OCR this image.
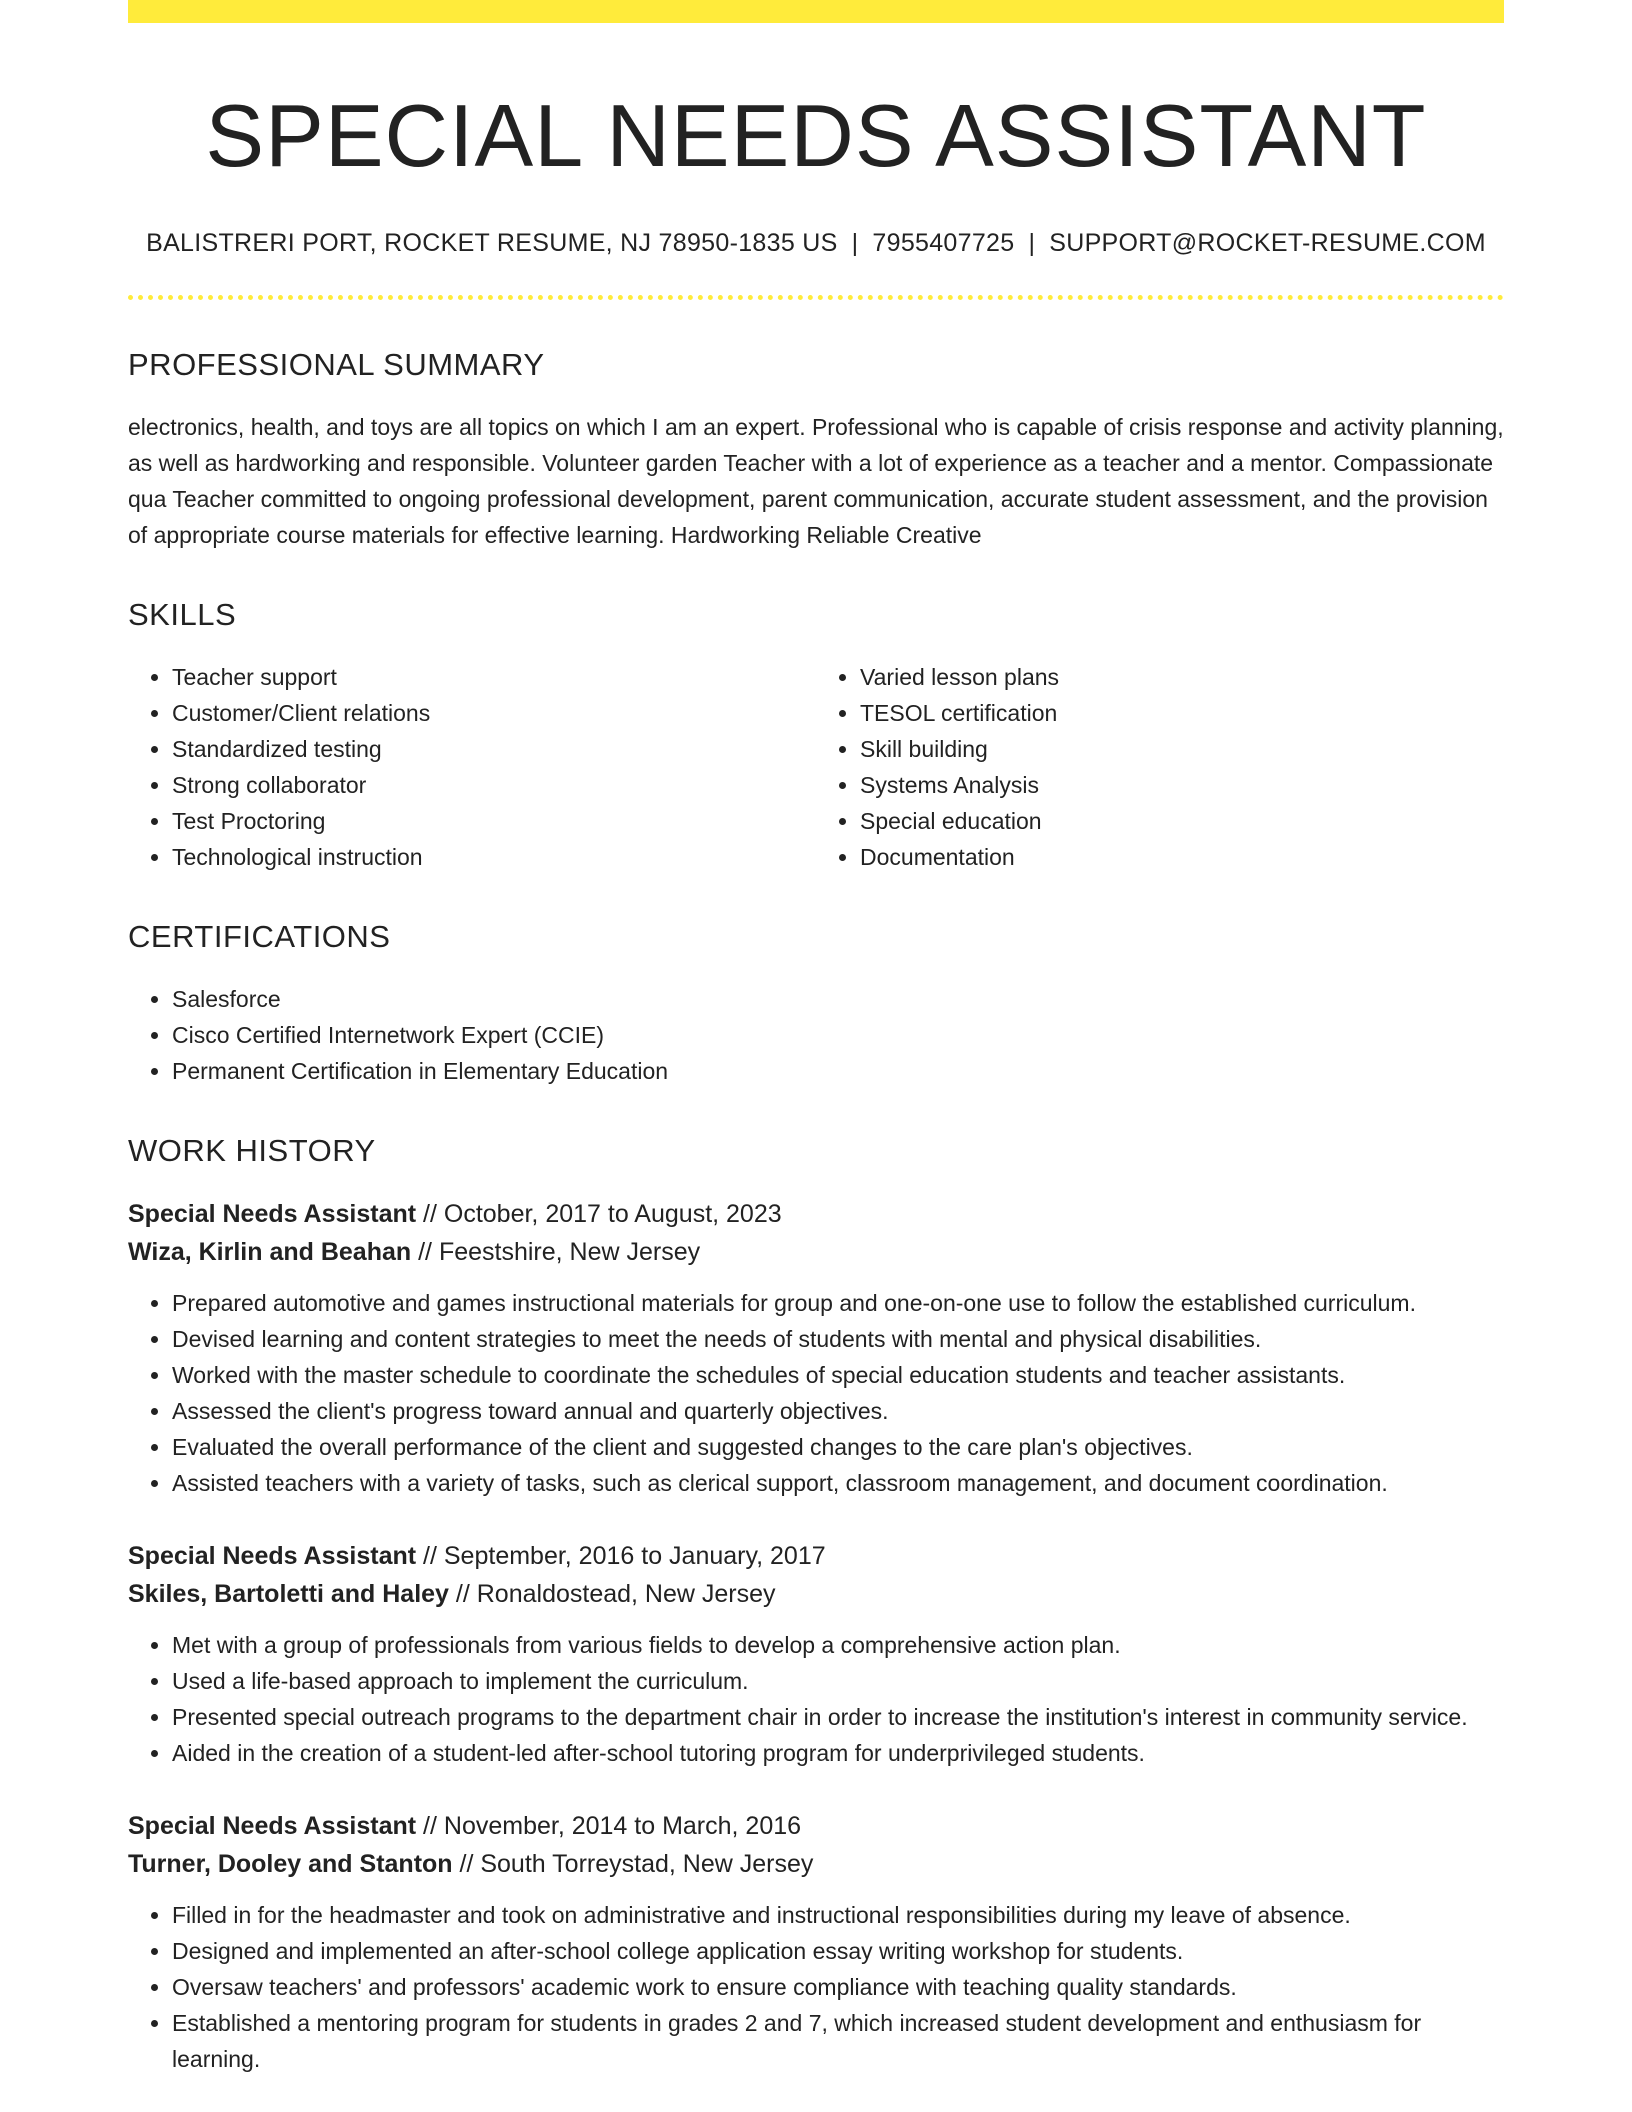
SPECIAL NEEDS ASSISTANT
BALISTRERI PORT, ROCKET RESUME, NJ 78950-1835 US | 7955407725 | SUPPORT@ROCKET-RESUME.COM
PROFESSIONAL SUMMARY
electronics, health, and toys are all topics on which I am an expert. Professional who is capable of crisis response and activity planning, as well as hardworking and responsible. Volunteer garden Teacher with a lot of experience as a teacher and a mentor. Compassionate qua Teacher committed to ongoing professional development, parent communication, accurate student assessment, and the provision of appropriate course materials for effective learning. Hardworking Reliable Creative
SKILLS
• Teacher support
• Customer/Client relations
• Standardized testing
• Strong collaborator
• Test Proctoring
• Technological instruction
• Varied lesson plans
• TESOL certification
• Skill building
• Systems Analysis
• Special education
• Documentation
CERTIFICATIONS
• Salesforce
• Cisco Certified Internetwork Expert (CCIE)
• Permanent Certification in Elementary Education
WORK HISTORY
Special Needs Assistant // October, 2017 to August, 2023
Wiza, Kirlin and Beahan // Feestshire, New Jersey
• Prepared automotive and games instructional materials for group and one-on-one use to follow the established curriculum.
• Devised learning and content strategies to meet the needs of students with mental and physical disabilities.
• Worked with the master schedule to coordinate the schedules of special education students and teacher assistants.
• Assessed the client's progress toward annual and quarterly objectives.
• Evaluated the overall performance of the client and suggested changes to the care plan's objectives.
• Assisted teachers with a variety of tasks, such as clerical support, classroom management, and document coordination.
Special Needs Assistant // September, 2016 to January, 2017
Skiles, Bartoletti and Haley // Ronaldostead, New Jersey
• Met with a group of professionals from various fields to develop a comprehensive action plan.
• Used a life-based approach to implement the curriculum.
• Presented special outreach programs to the department chair in order to increase the institution's interest in community service.
• Aided in the creation of a student-led after-school tutoring program for underprivileged students.
Special Needs Assistant // November, 2014 to March, 2016
Turner, Dooley and Stanton // South Torreystad, New Jersey
• Filled in for the headmaster and took on administrative and instructional responsibilities during my leave of absence.
• Designed and implemented an after-school college application essay writing workshop for students.
• Oversaw teachers' and professors' academic work to ensure compliance with teaching quality standards.
• Established a mentoring program for students in grades 2 and 7, which increased student development and enthusiasm for learning.
